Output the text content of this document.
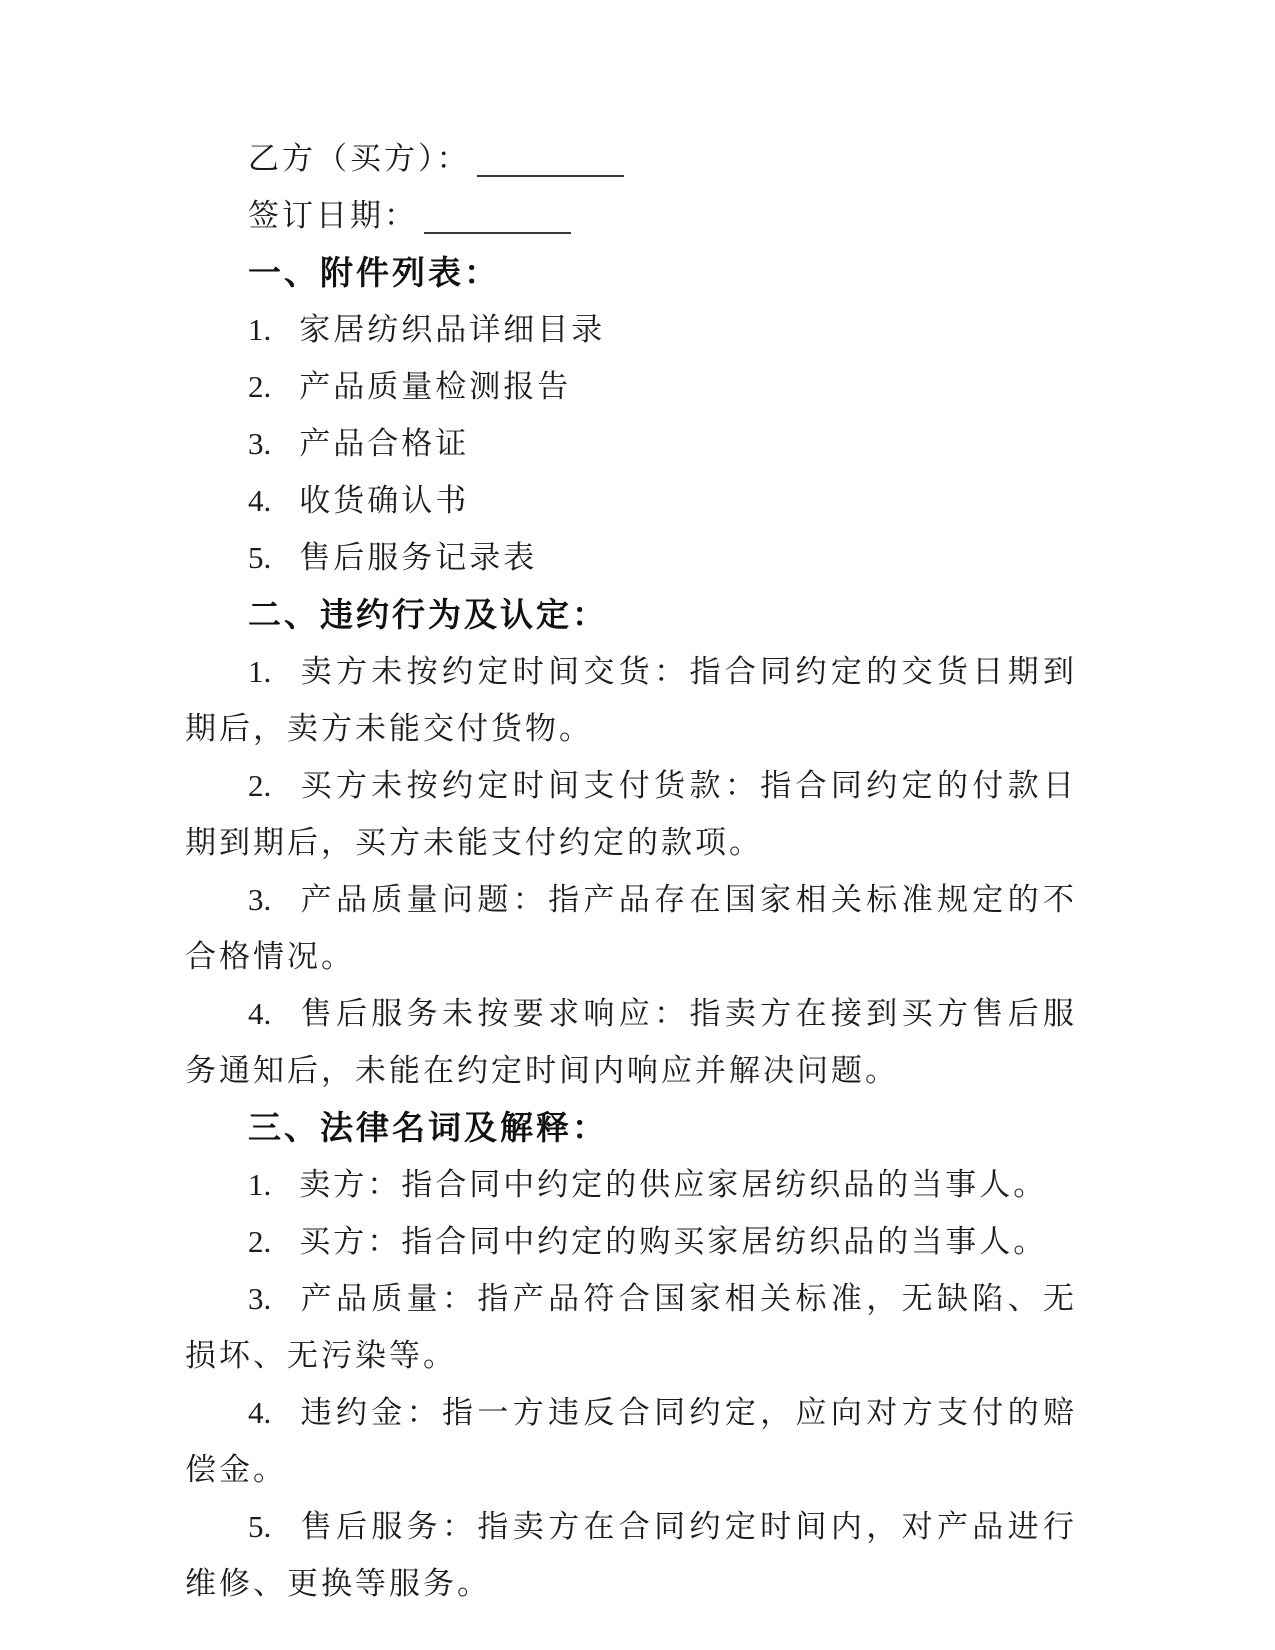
乙方（买方）：

签订日期：

一、附件列表：

1. 家居纺织品详细目录

2. 产品质量检测报告

3. 产品合格证

4. 收货确认书

5. 售后服务记录表

二、违约行为及认定：

1. 卖方未按约定时间交货：指合同约定的交货日期到期后，卖方未能交付货物。

2. 买方未按约定时间支付货款：指合同约定的付款日期到期后，买方未能支付约定的款项。

3. 产品质量问题：指产品存在国家相关标准规定的不合格情况。

4. 售后服务未按要求响应：指卖方在接到买方售后服务通知后，未能在约定时间内响应并解决问题。

三、法律名词及解释：

1. 卖方：指合同中约定的供应家居纺织品的当事人。

2. 买方：指合同中约定的购买家居纺织品的当事人。

3. 产品质量：指产品符合国家相关标准，无缺陷、无损坏、无污染等。

4. 违约金：指一方违反合同约定，应向对方支付的赔偿金。

5. 售后服务：指卖方在合同约定时间内，对产品进行维修、更换等服务。
